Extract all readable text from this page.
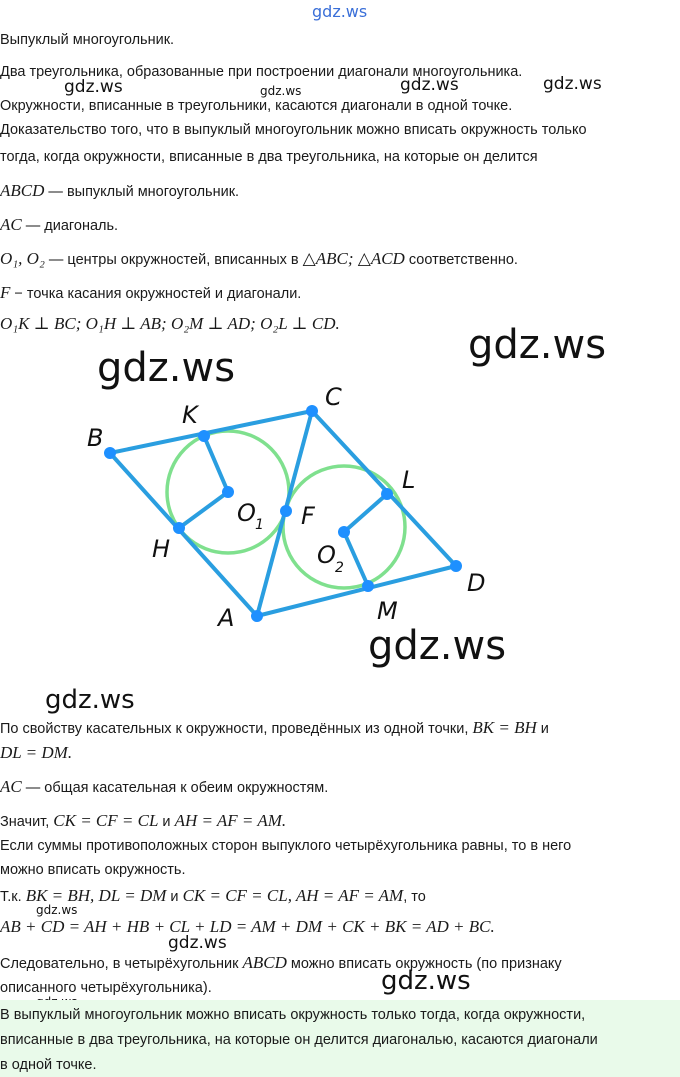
gdz.ws
gdz.ws	gdz.ws	gdz.ws	gdz.ws
gdz.ws
gdz.ws
gdz.ws
gdz.ws
gdz.ws
gdz.ws
gdz.ws
Выпуклый многоугольник.
Два треугольника, образованные при построении диагонали многоугольника.
Окружности, вписанные в треугольники, касаются диагонали в одной точке.
Доказательство того, что в выпуклый многоугольник можно вписать окружность только
тогда, когда окружности, вписанные в два треугольника, на которые он делится
ABCD — выпуклый многоугольник.
AC — диагональ.
O₁, O₂ — центры окружностей, вписанных в △ABC; △ACD соответственно.
F − точка касания окружностей и диагонали.
O₁K ⊥ BC; O₁H ⊥ AB; O₂M ⊥ AD; O₂L ⊥ CD.
B
K
C
L
D
M
A
H
F
O 1
O 2
По свойству касательных к окружности, проведённых из одной точки, BK = BH и
DL = DM.
AC — общая касательная к обеим окружностям.
Значит, CK = CF = CL и AH = AF = AM.
Если суммы противоположных сторон выпуклого четырёхугольника равны, то в него
можно вписать окружность.
Т.к. BK = BH, DL = DM и CK = CF = CL, AH = AF = AM, то
AB + CD = AH + HB + CL + LD = AM + DM + CK + BK = AD + BC.
Следовательно, в четырёхугольник ABCD можно вписать окружность (по признаку
описанного четырёхугольника).
В выпуклый многоугольник можно вписать окружность только тогда, когда окружности,
вписанные в два треугольника, на которые он делится диагональю, касаются диагонали
в одной точке.
